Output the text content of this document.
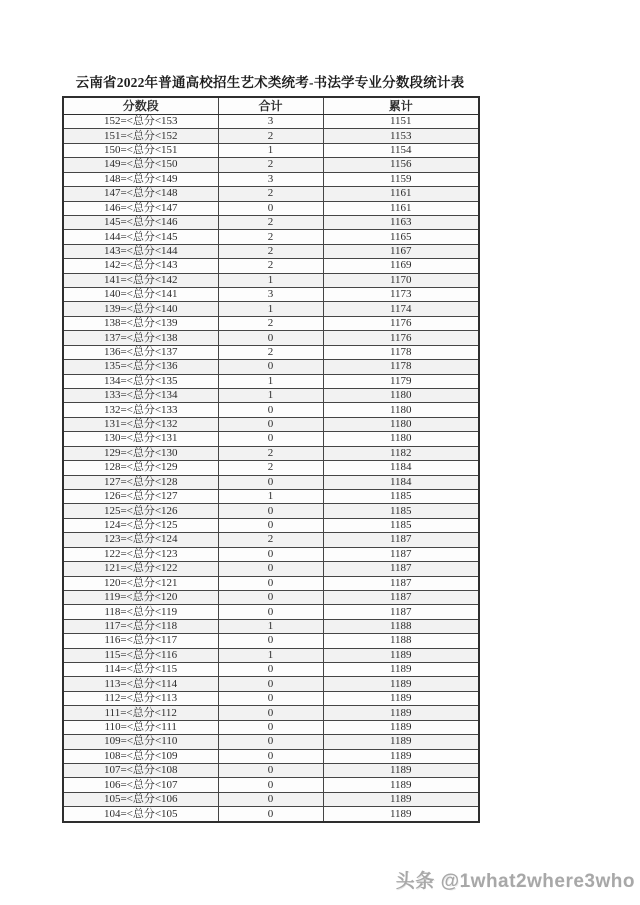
云南省2022年普通高校招生艺术类统考-书法学专业分数段统计表
分数段	合计	累计
152=<总分<153	3	1151
151=<总分<152	2	1153
150=<总分<151	1	1154
149=<总分<150	2	1156
148=<总分<149	3	1159
147=<总分<148	2	1161
146=<总分<147	0	1161
145=<总分<146	2	1163
144=<总分<145	2	1165
143=<总分<144	2	1167
142=<总分<143	2	1169
141=<总分<142	1	1170
140=<总分<141	3	1173
139=<总分<140	1	1174
138=<总分<139	2	1176
137=<总分<138	0	1176
136=<总分<137	2	1178
135=<总分<136	0	1178
134=<总分<135	1	1179
133=<总分<134	1	1180
132=<总分<133	0	1180
131=<总分<132	0	1180
130=<总分<131	0	1180
129=<总分<130	2	1182
128=<总分<129	2	1184
127=<总分<128	0	1184
126=<总分<127	1	1185
125=<总分<126	0	1185
124=<总分<125	0	1185
123=<总分<124	2	1187
122=<总分<123	0	1187
121=<总分<122	0	1187
120=<总分<121	0	1187
119=<总分<120	0	1187
118=<总分<119	0	1187
117=<总分<118	1	1188
116=<总分<117	0	1188
115=<总分<116	1	1189
114=<总分<115	0	1189
113=<总分<114	0	1189
112=<总分<113	0	1189
111=<总分<112	0	1189
110=<总分<111	0	1189
109=<总分<110	0	1189
108=<总分<109	0	1189
107=<总分<108	0	1189
106=<总分<107	0	1189
105=<总分<106	0	1189
104=<总分<105	0	1189
头条 @1what2where3who
